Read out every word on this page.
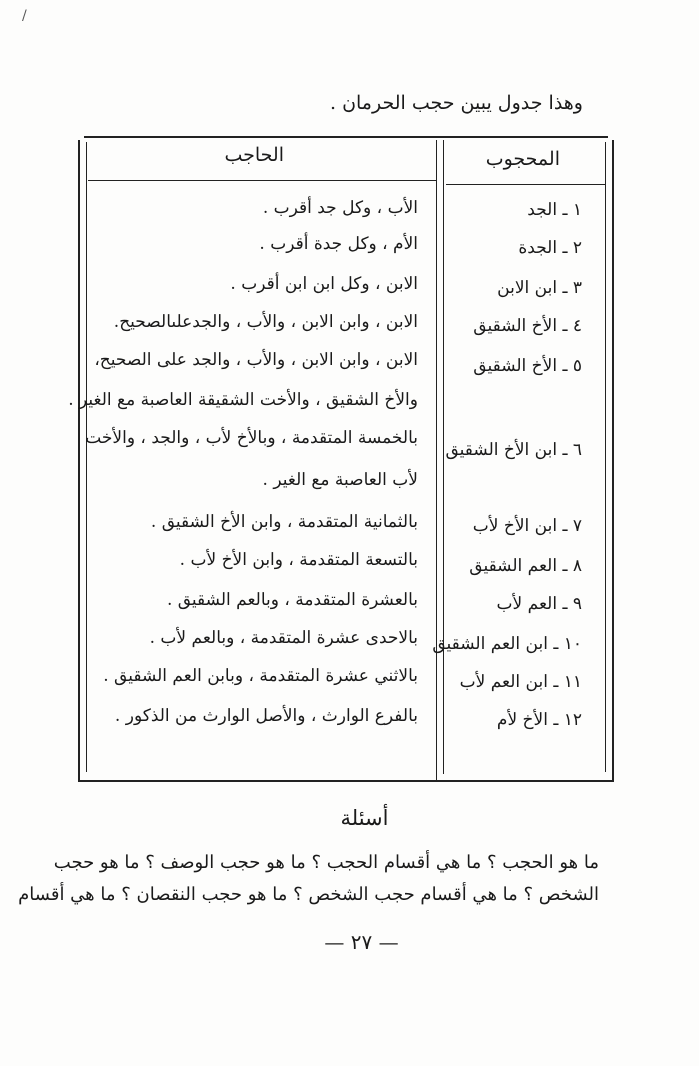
/
وهذا جدول يبين حجب الحرمان .
المحجوب
الحاجب
١ ـ الجد
الأب ، وكل جد أقرب .
٢ ـ الجدة
الأم ، وكل جدة أقرب .
٣ ـ ابن الابن
الابن ، وكل ابن ابن أقرب .
٤ ـ الأخ الشقيق
الابن ، وابن الابن ، والأب ، والجدعلىالصحيح.
٥ ـ الأخ الشقيق
الابن ، وابن الابن ، والأب ، والجد على الصحيح،
والأخ الشقيق ، والأخت الشقيقة العاصبة مع الغير .
٦ ـ ابن الأخ الشقيق
بالخمسة المتقدمة ، وبالأخ لأب ، والجد ، والأخت
لأب العاصبة مع الغير .
٧ ـ ابن الأخ لأب
بالثمانية المتقدمة ، وابن الأخ الشقيق .
٨ ـ العم الشقيق
بالتسعة المتقدمة ، وابن الأخ لأب .
٩ ـ العم لأب
بالعشرة المتقدمة ، وبالعم الشقيق .
١٠ ـ ابن العم الشقيق
بالاحدى عشرة المتقدمة ، وبالعم لأب .
١١ ـ ابن العم لأب
بالاثني عشرة المتقدمة ، وبابن العم الشقيق .
١٢ ـ الأخ لأم
بالفرع الوارث ، والأصل الوارث من الذكور .
أسئلة
ما هو الحجب ؟ ما هي أقسام الحجب ؟ ما هو حجب الوصف ؟ ما هو حجب
الشخص ؟ ما هي أقسام حجب الشخص ؟ ما هو حجب النقصان ؟ ما هي أقسام
— ٢٧ —
